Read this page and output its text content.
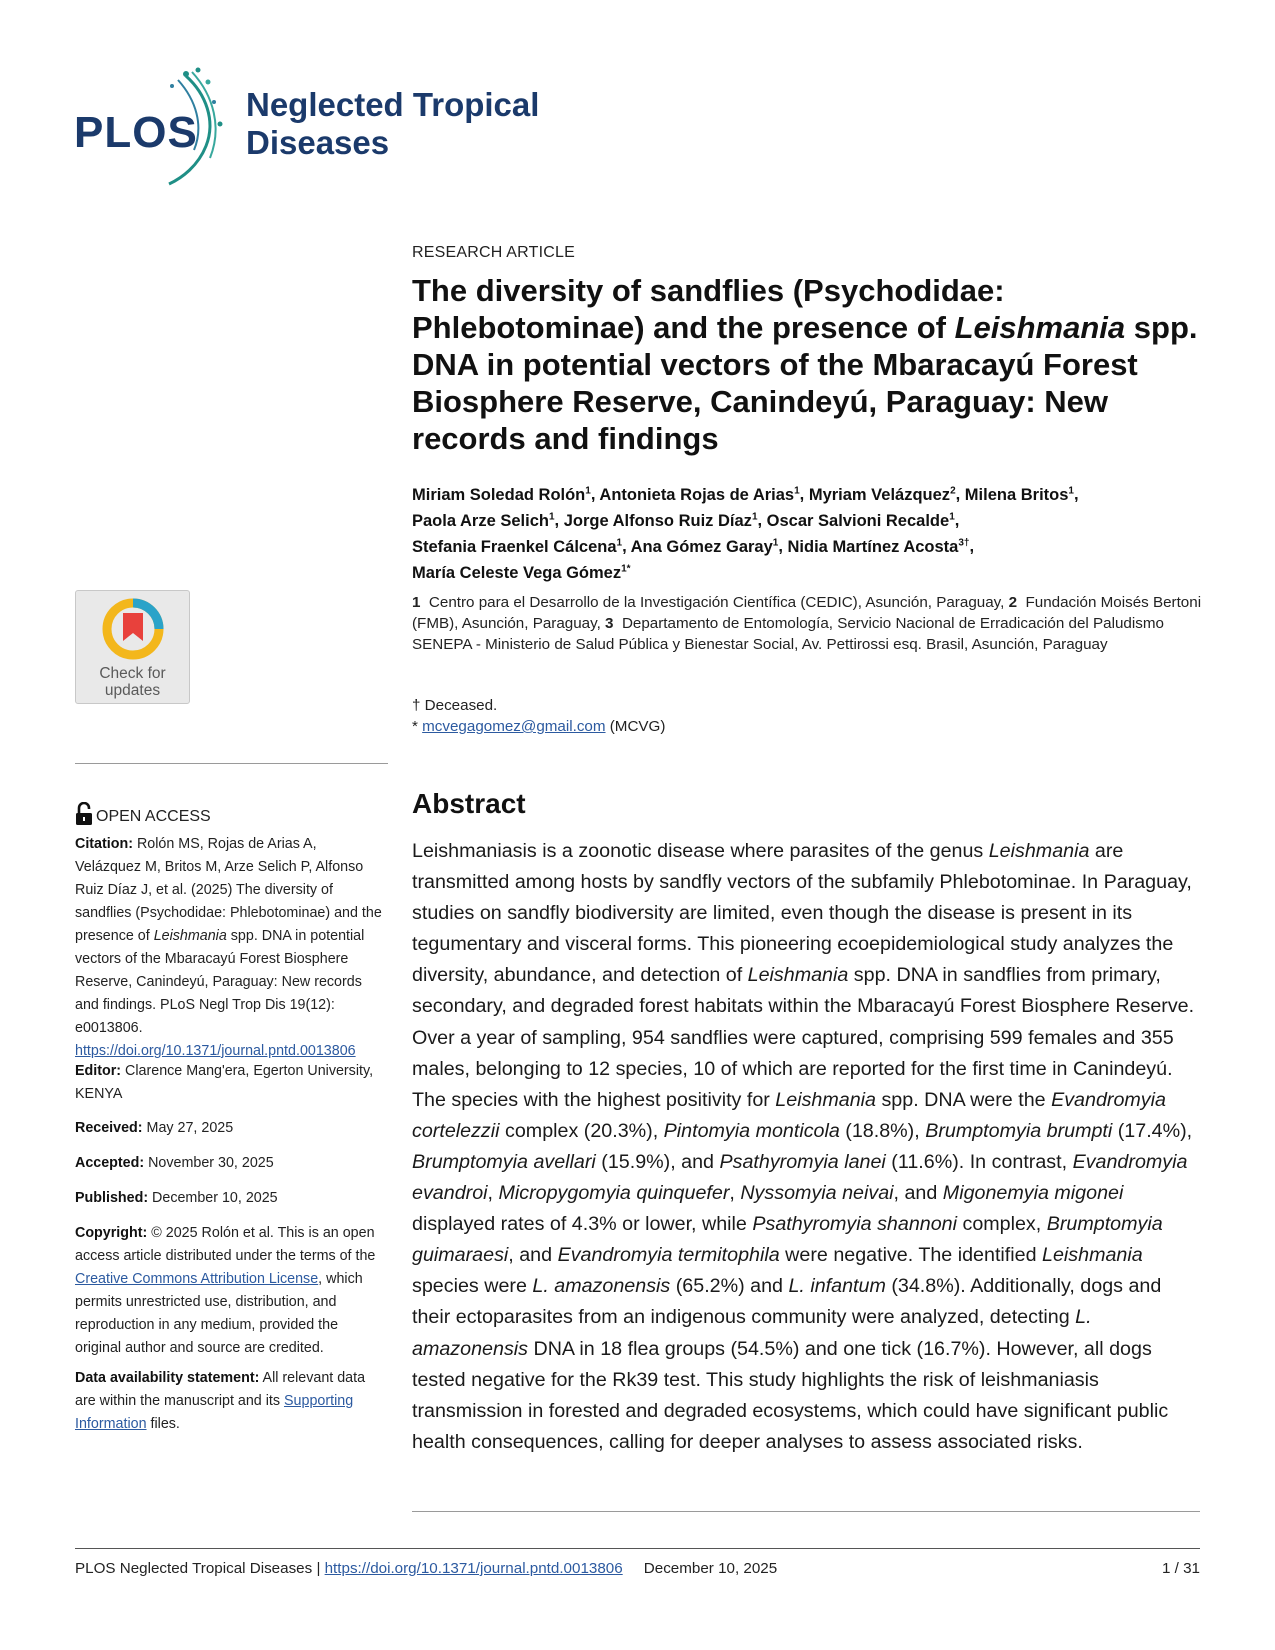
PLOS
Neglected Tropical
Diseases
Check for
updates
OPEN ACCESS
Citation: Rolón MS, Rojas de Arias A, Velázquez M, Britos M, Arze Selich P, Alfonso Ruiz Díaz J, et al. (2025) The diversity of sandflies (Psychodidae: Phlebotominae) and the presence of Leishmania spp. DNA in potential vectors of the Mbaracayú Forest Biosphere Reserve, Canindeyú, Paraguay: New records and findings. PLoS Negl Trop Dis 19(12): e0013806. https://doi.org/10.1371/journal.pntd.0013806
Editor: Clarence Mang'era, Egerton University, KENYA
Received: May 27, 2025
Accepted: November 30, 2025
Published: December 10, 2025
Copyright: © 2025 Rolón et al. This is an open access article distributed under the terms of the Creative Commons Attribution License, which permits unrestricted use, distribution, and reproduction in any medium, provided the original author and source are credited.
Data availability statement: All relevant data are within the manuscript and its Supporting Information files.
RESEARCH ARTICLE
The diversity of sandflies (Psychodidae: Phlebotominae) and the presence of Leishmania spp. DNA in potential vectors of the Mbaracayú Forest Biosphere Reserve, Canindeyú, Paraguay: New records and findings
Miriam Soledad Rolón$^1$, Antonieta Rojas de Arias$^1$, Myriam Velázquez$^2$, Milena Britos$^1$,
Paola Arze Selich$^1$, Jorge Alfonso Ruiz Díaz$^1$, Oscar Salvioni Recalde$^1$,
Stefania Fraenkel Cálcena$^1$, Ana Gómez Garay$^1$, Nidia Martínez Acosta$^{3\dagger}$,
María Celeste Vega Gómez$^{1*}$
1 Centro para el Desarrollo de la Investigación Científica (CEDIC), Asunción, Paraguay, 2 Fundación Moisés Bertoni (FMB), Asunción, Paraguay, 3 Departamento de Entomología, Servicio Nacional de Erradicación del Paludismo SENEPA - Ministerio de Salud Pública y Bienestar Social, Av. Pettirossi esq. Brasil, Asunción, Paraguay
† Deceased.
* mcvegagomez@gmail.com (MCVG)
Abstract
Leishmaniasis is a zoonotic disease where parasites of the genus Leishmania are transmitted among hosts by sandfly vectors of the subfamily Phlebotominae. In Paraguay, studies on sandfly biodiversity are limited, even though the disease is present in its tegumentary and visceral forms. This pioneering ecoepidemiological study analyzes the diversity, abundance, and detection of Leishmania spp. DNA in sandflies from primary, secondary, and degraded forest habitats within the Mbaracayú Forest Biosphere Reserve. Over a year of sampling, 954 sandflies were captured, comprising 599 females and 355 males, belonging to 12 species, 10 of which are reported for the first time in Canindeyú. The species with the highest positivity for Leishmania spp. DNA were the Evandromyia cortelezzii complex (20.3%), Pintomyia monticola (18.8%), Brumptomyia brumpti (17.4%), Brumptomyia avellari (15.9%), and Psathyromyia lanei (11.6%). In contrast, Evandromyia evandroi, Micropygomyia quinquefer, Nyssomyia neivai, and Migonemyia migonei displayed rates of 4.3% or lower, while Psathyromyia shannoni complex, Brumptomyia guimaraesi, and Evandromyia termitophila were negative. The identified Leishmania species were L. amazonensis (65.2%) and L. infantum (34.8%). Additionally, dogs and their ectoparasites from an indigenous community were analyzed, detecting L. amazonensis DNA in 18 flea groups (54.5%) and one tick (16.7%). However, all dogs tested negative for the Rk39 test. This study highlights the risk of leishmaniasis transmission in forested and degraded ecosystems, which could have significant public health consequences, calling for deeper analyses to assess associated risks.
PLOS Neglected Tropical Diseases | https://doi.org/10.1371/journal.pntd.0013806 December 10, 2025	1 / 31
